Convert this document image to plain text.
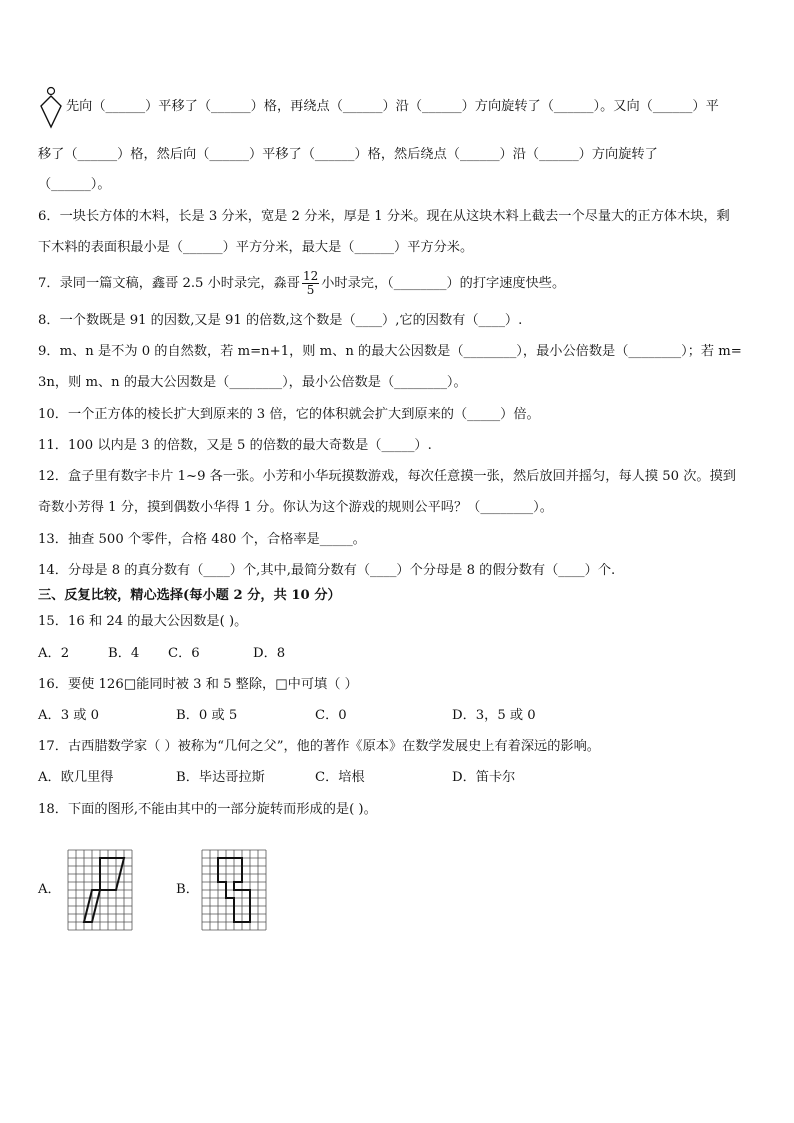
先向（______）平移了（______）格，再绕点（______）沿（______）方向旋转了（______）。又向（______）平
移了（______）格，然后向（______）平移了（______）格，然后绕点（______）沿（______）方向旋转了
（______）。
6．一块长方体的木料，长是 3 分米，宽是 2 分米，厚是 1 分米。现在从这块木料上截去一个尽量大的正方体木块，剩
下木料的表面积最小是（______）平方分米，最大是（______）平方分米。
7．录同一篇文稿，鑫哥 2.5 小时录完，淼哥 $\frac{12}{5}$ 小时录完，（________）的打字速度快些。
8．一个数既是 91 的因数,又是 91 的倍数,这个数是（____）,它的因数有（____）.
9．m、n 是不为 0 的自然数，若 m=n+1，则 m、n 的最大公因数是（________），最小公倍数是（________）；若 m=
3n，则 m、n 的最大公因数是（________），最小公倍数是（________）。
10．一个正方体的棱长扩大到原来的 3 倍，它的体积就会扩大到原来的（_____）倍。
11．100 以内是 3 的倍数，又是 5 的倍数的最大奇数是（_____）.
12．盒子里有数字卡片 1~9 各一张。小芳和小华玩摸数游戏，每次任意摸一张，然后放回并摇匀，每人摸 50 次。摸到
奇数小芳得 1 分，摸到偶数小华得 1 分。你认为这个游戏的规则公平吗？（________）。
13．抽查 500 个零件，合格 480 个，合格率是_____。
14．分母是 8 的真分数有（____）个,其中,最简分数有（____）个分母是 8 的假分数有（____）个.
三、反复比较，精心选择(每小题 2 分，共 10 分）
15．16 和 24 的最大公因数是( )。
A．2	B．4 C．6	D．8
16．要使 126□能同时被 3 和 5 整除，□中可填（ ）
A．3 或 0	B．0 或 5	C．0	D．3，5 或 0
17．古西腊数学家（ ）被称为“几何之父”，他的著作《原本》在数学发展史上有着深远的影响。
A．欧几里得	B．毕达哥拉斯	C．培根	D．笛卡尔
18．下面的图形,不能由其中的一部分旋转而形成的是( )。
A．	B．
